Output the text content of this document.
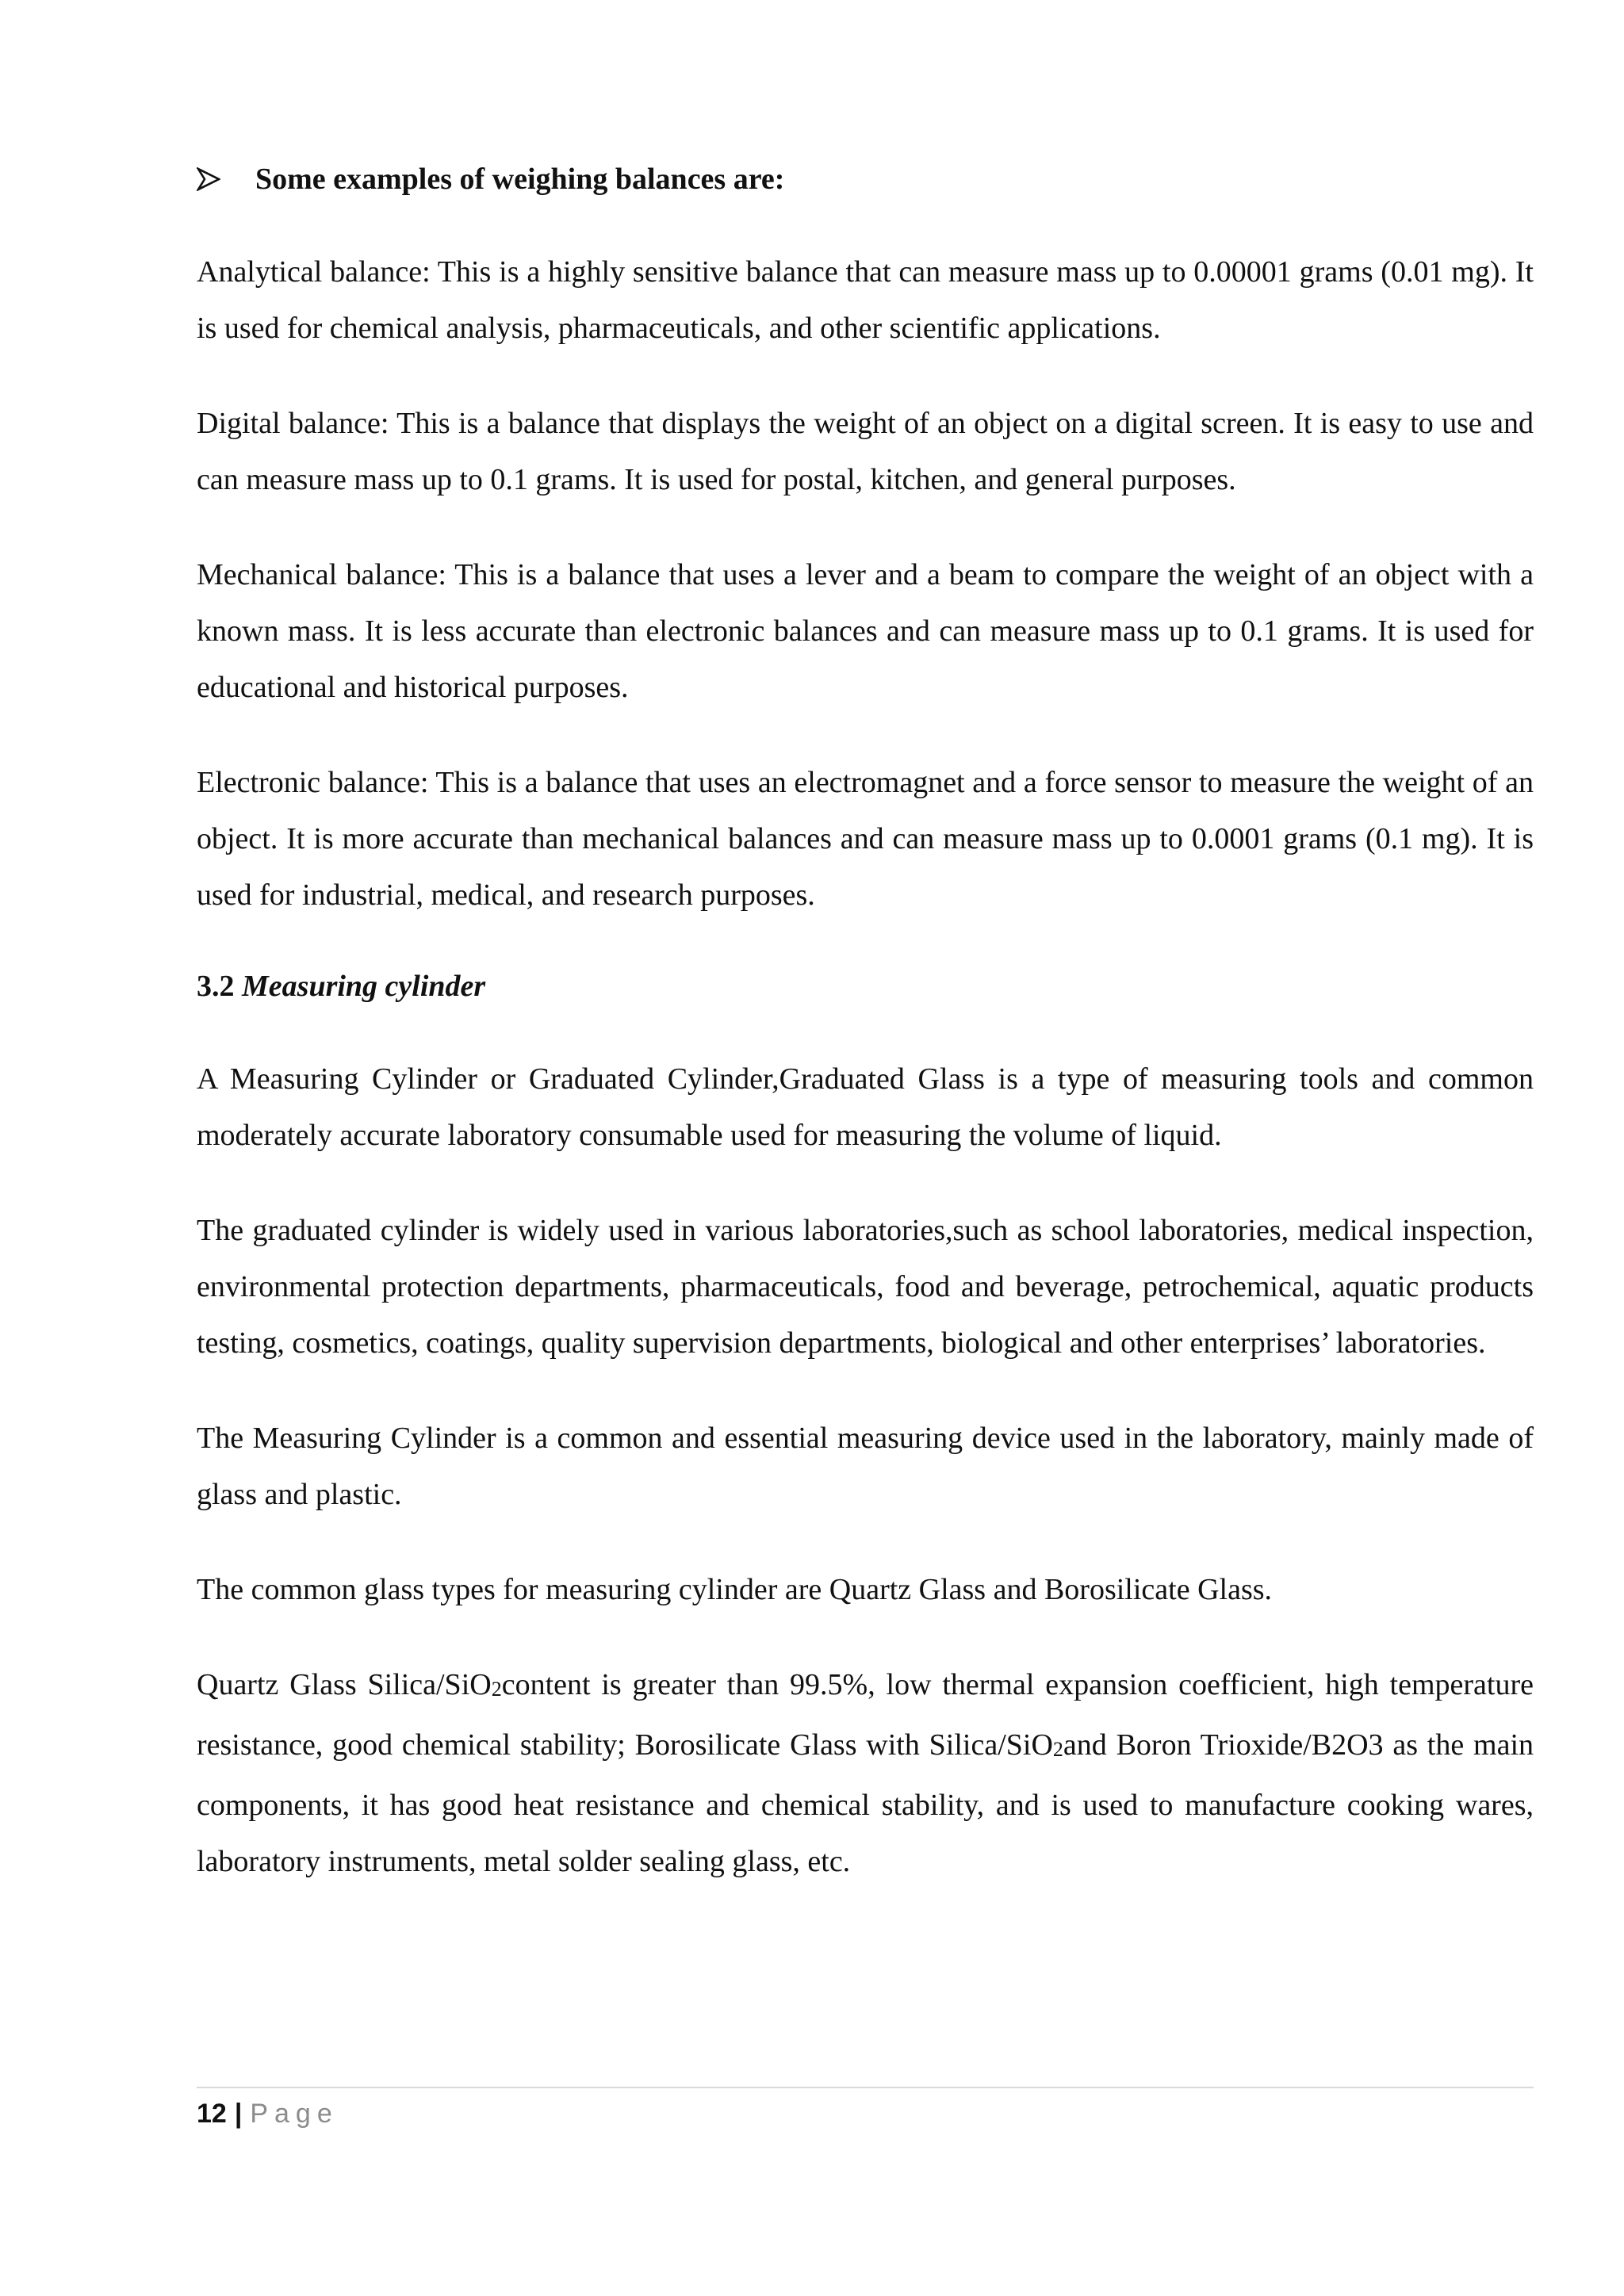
Some examples of weighing balances are:

Analytical balance: This is a highly sensitive balance that can measure mass up to 0.00001 grams (0.01 mg). It is used for chemical analysis, pharmaceuticals, and other scientific applications.

Digital balance: This is a balance that displays the weight of an object on a digital screen. It is easy to use and can measure mass up to 0.1 grams. It is used for postal, kitchen, and general purposes.

Mechanical balance: This is a balance that uses a lever and a beam to compare the weight of an object with a known mass. It is less accurate than electronic balances and can measure mass up to 0.1 grams. It is used for educational and historical purposes.

Electronic balance: This is a balance that uses an electromagnet and a force sensor to measure the weight of an object. It is more accurate than mechanical balances and can measure mass up to 0.0001 grams (0.1 mg). It is used for industrial, medical, and research purposes.

3.2 Measuring cylinder

A Measuring Cylinder or Graduated Cylinder,Graduated Glass is a type of measuring tools and common moderately accurate laboratory consumable used for measuring the volume of liquid.

The graduated cylinder is widely used in various laboratories,such as school laboratories, medical inspection, environmental protection departments, pharmaceuticals, food and beverage, petrochemical, aquatic products testing, cosmetics, coatings, quality supervision departments, biological and other enterprises’ laboratories.

The Measuring Cylinder is a common and essential measuring device used in the laboratory, mainly made of glass and plastic.

The common glass types for measuring cylinder are Quartz Glass and Borosilicate Glass.

Quartz Glass Silica/SiO2content is greater than 99.5%, low thermal expansion coefficient, high temperature resistance, good chemical stability; Borosilicate Glass with Silica/SiO2and Boron Trioxide/B2O3 as the main components, it has good heat resistance and chemical stability, and is used to manufacture cooking wares, laboratory instruments, metal solder sealing glass, etc.

12 | Page
